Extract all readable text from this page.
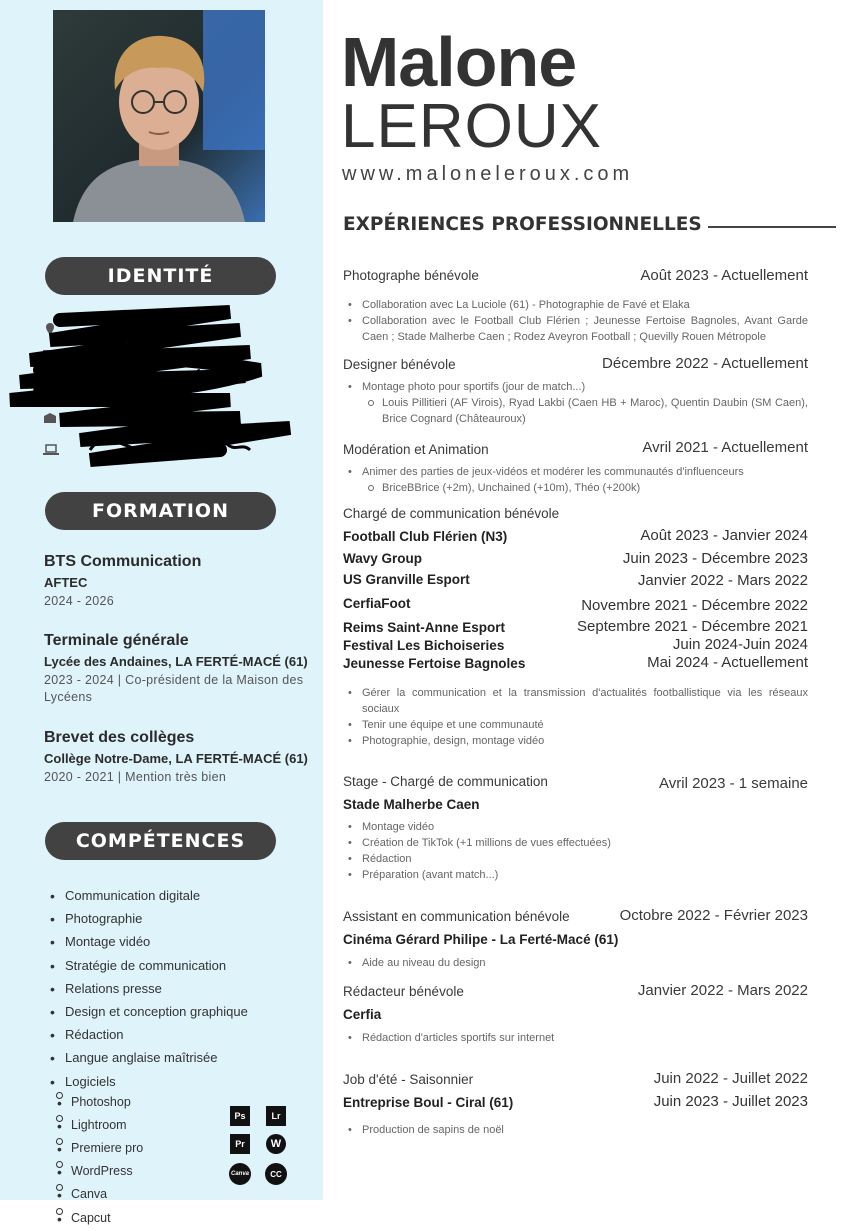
IDENTITÉ
FORMATION
BTS Communication
AFTEC
2024 - 2026
Terminale générale
Lycée des Andaines, LA FERTÉ-MACÉ (61)
2023 - 2024 | Co-président de la Maison des Lycéens
Brevet des collèges
Collège Notre-Dame, LA FERTÉ-MACÉ (61)
2020 - 2021 | Mention très bien
COMPÉTENCES
• Communication digitale
• Photographie
• Montage vidéo
• Stratégie de communication
• Relations presse
• Design et conception graphique
• Rédaction
• Langue anglaise maîtrisée
• Logiciels
• Photoshop
• Lightroom
• Premiere pro
• WordPress
• Canva
• Capcut
Ps	Lr
Pr	W
Canva	CC
Malone
LEROUX
www.maloneleroux.com
EXPÉRIENCES PROFESSIONNELLES
Photographe bénévole	Août 2023 - Actuellement
• Collaboration avec La Luciole (61) - Photographie de Favé et Elaka
• Collaboration avec le Football Club Flérien ; Jeunesse Fertoise Bagnoles, Avant Garde Caen ; Stade Malherbe Caen ; Rodez Aveyron Football ; Quevilly Rouen Métropole
Designer bénévole	Décembre 2022 - Actuellement
• Montage photo pour sportifs (jour de match...)
Louis Pillitieri (AF Virois), Ryad Lakbi (Caen HB + Maroc), Quentin Daubin (SM Caen), Brice Cognard (Châteauroux)
Modération et Animation	Avril 2021 - Actuellement
• Animer des parties de jeux-vidéos et modérer les communautés d'influenceurs
BriceBBrice (+2m), Unchained (+10m), Théo (+200k)
Chargé de communication bénévole
Football Club Flérien (N3)	Août 2023 - Janvier 2024
Wavy Group	Juin 2023 - Décembre 2023
US Granville Esport	Janvier 2022 - Mars 2022
CerfiaFoot	Novembre 2021 - Décembre 2022
Reims Saint-Anne Esport	Septembre 2021 - Décembre 2021
Festival Les Bichoiseries	Juin 2024-Juin 2024
Jeunesse Fertoise Bagnoles	Mai 2024 - Actuellement
• Gérer la communication et la transmission d'actualités footballistique via les réseaux sociaux
• Tenir une équipe et une communauté
• Photographie, design, montage vidéo
Stage - Chargé de communication	Avril 2023 - 1 semaine
Stade Malherbe Caen
• Montage vidéo
• Création de TikTok (+1 millions de vues effectuées)
• Rédaction
• Préparation (avant match...)
Assistant en communication bénévole	Octobre 2022 - Février 2023
Cinéma Gérard Philipe - La Ferté-Macé (61)
• Aide au niveau du design
Rédacteur bénévole	Janvier 2022 - Mars 2022
Cerfia
• Rédaction d'articles sportifs sur internet
Job d'été - Saisonnier	Juin 2022 - Juillet 2022
Entreprise Boul - Ciral (61)	Juin 2023 - Juillet 2023
• Production de sapins de noël
